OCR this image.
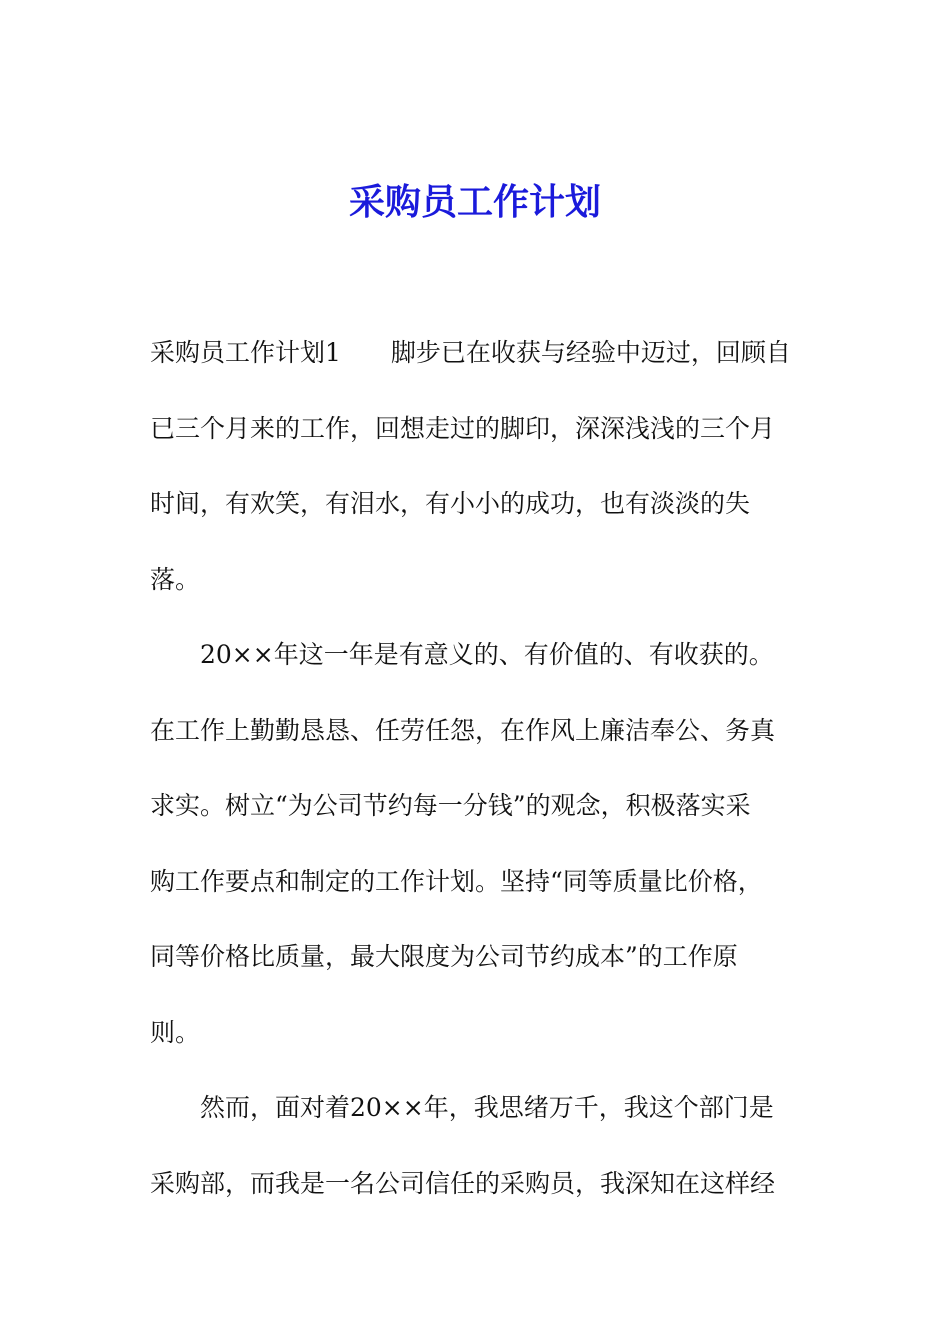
采购员工作计划
采购员工作计划1 脚步已在收获与经验中迈过，回顾自
已三个月来的工作，回想走过的脚印，深深浅浅的三个月
时间，有欢笑，有泪水，有小小的成功，也有淡淡的失
落。
20××年这一年是有意义的、有价值的、有收获的。
在工作上勤勤恳恳、任劳任怨，在作风上廉洁奉公、务真
求实。树立“为公司节约每一分钱”的观念，积极落实采
购工作要点和制定的工作计划。坚持“同等质量比价格，
同等价格比质量，最大限度为公司节约成本”的工作原
则。
然而，面对着20××年，我思绪万千，我这个部门是
采购部，而我是一名公司信任的采购员，我深知在这样经
